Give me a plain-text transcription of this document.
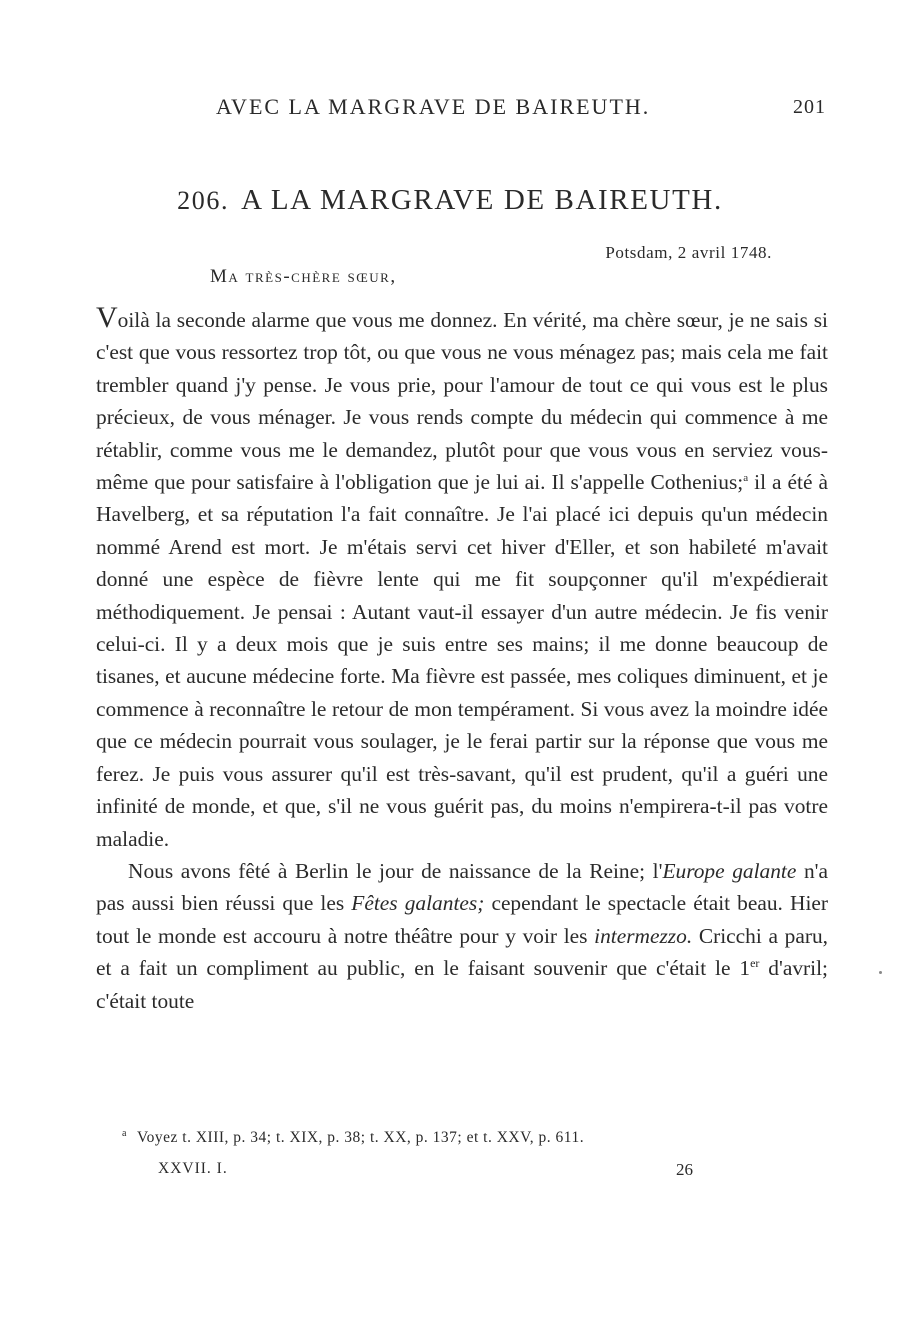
AVEC LA MARGRAVE DE BAIREUTH.	201
206. A LA MARGRAVE DE BAIREUTH.
Potsdam, 2 avril 1748.
Ma très-chère sœur,

Voilà la seconde alarme que vous me donnez. En vérité, ma chère sœur, je ne sais si c'est que vous ressortez trop tôt, ou que vous ne vous ménagez pas; mais cela me fait trembler quand j'y pense. Je vous prie, pour l'amour de tout ce qui vous est le plus précieux, de vous ménager. Je vous rends compte du médecin qui commence à me rétablir, comme vous me le demandez, plutôt pour que vous vous en serviez vous-même que pour satisfaire à l'obligation que je lui ai. Il s'appelle Cothenius;$^a$ il a été à Havelberg, et sa réputation l'a fait connaître. Je l'ai placé ici depuis qu'un médecin nommé Arend est mort. Je m'étais servi cet hiver d'Eller, et son habileté m'avait donné une espèce de fièvre lente qui me fit soupçonner qu'il m'expédierait méthodiquement. Je pensai : Autant vaut-il essayer d'un autre médecin. Je fis venir celui-ci. Il y a deux mois que je suis entre ses mains; il me donne beaucoup de tisanes, et aucune médecine forte. Ma fièvre est passée, mes coliques diminuent, et je commence à reconnaître le retour de mon tempérament. Si vous avez la moindre idée que ce médecin pourrait vous soulager, je le ferai partir sur la réponse que vous me ferez. Je puis vous assurer qu'il est très-savant, qu'il est prudent, qu'il a guéri une infinité de monde, et que, s'il ne vous guérit pas, du moins n'empirera-t-il pas votre maladie.

Nous avons fêté à Berlin le jour de naissance de la Reine; l'Europe galante n'a pas aussi bien réussi que les Fêtes galantes; cependant le spectacle était beau. Hier tout le monde est accouru à notre théâtre pour y voir les intermezzo. Cricchi a paru, et a fait un compliment au public, en le faisant souvenir que c'était le 1er d'avril; c'était toute

$^a$ Voyez t. XIII, p. 34; t. XIX, p. 38; t. XX, p. 137; et t. XXV, p. 611.
XXVII. I.	26
